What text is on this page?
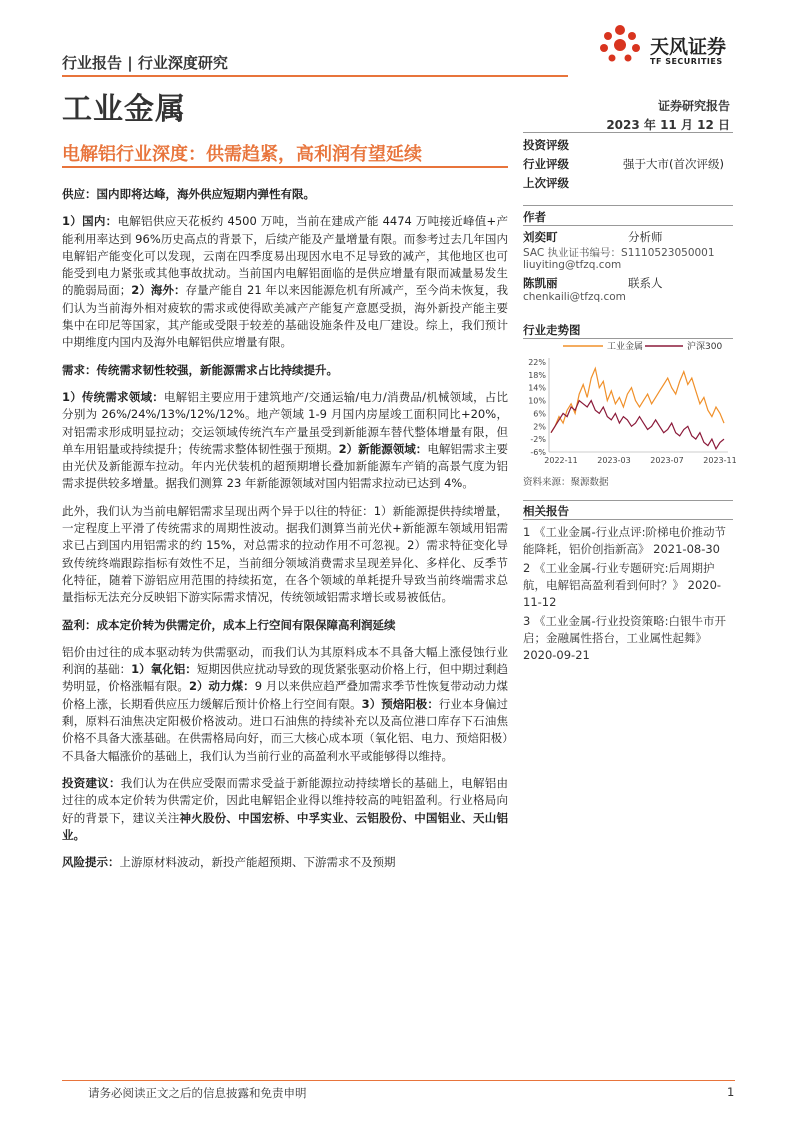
行业报告 | 行业深度研究
工业金属
天风证券
TF SECURITIES
证券研究报告
2023 年 11 月 12 日
电解铝行业深度：供需趋紧，高利润有望延续
供应：国内即将达峰，海外供应短期内弹性有限。

1）国内：电解铝供应天花板约 4500 万吨，当前在建成产能 4474 万吨接近峰值+产能利用率达到 96%历史高点的背景下，后续产能及产量增量有限。而参考过去几年国内电解铝产能变化可以发现，云南在四季度易出现因水电不足导致的减产，其他地区也可能受到电力紧张或其他事故扰动。当前国内电解铝面临的是供应增量有限而减量易发生的脆弱局面；2）海外：存量产能自 21 年以来因能源危机有所减产，至今尚未恢复，我们认为当前海外相对疲软的需求或使得欧美减产产能复产意愿受损，海外新投产能主要集中在印尼等国家，其产能或受限于较差的基础设施条件及电厂建设。综上，我们预计中期维度内国内及海外电解铝供应增量有限。

需求：传统需求韧性较强，新能源需求占比持续提升。

1）传统需求领域：电解铝主要应用于建筑地产/交通运输/电力/消费品/机械领域，占比分别为 26%/24%/13%/12%/12%。地产领域 1-9 月国内房屋竣工面积同比+20%，对铝需求形成明显拉动；交运领域传统汽车产量虽受到新能源车替代整体增量有限，但单车用铝量或持续提升；传统需求整体韧性强于预期。2）新能源领域：电解铝需求主要由光伏及新能源车拉动。年内光伏装机的超预期增长叠加新能源车产销的高景气度为铝需求提供较多增量。据我们测算 23 年新能源领域对国内铝需求拉动已达到 4%。

此外，我们认为当前电解铝需求呈现出两个异于以往的特征：1）新能源提供持续增量，一定程度上平滑了传统需求的周期性波动。据我们测算当前光伏+新能源车领域用铝需求已占到国内用铝需求的约 15%，对总需求的拉动作用不可忽视。2）需求特征变化导致传统终端跟踪指标有效性不足，当前细分领域消费需求呈现差异化、多样化、反季节化特征，随着下游铝应用范围的持续拓宽，在各个领域的单耗提升导致当前终端需求总量指标无法充分反映铝下游实际需求情况，传统领域铝需求增长或易被低估。

盈利：成本定价转为供需定价，成本上行空间有限保障高利润延续

铝价由过往的成本驱动转为供需驱动，而我们认为其原料成本不具备大幅上涨侵蚀行业利润的基础：1）氧化铝：短期因供应扰动导致的现货紧张驱动价格上行，但中期过剩趋势明显，价格涨幅有限。2）动力煤：9 月以来供应趋严叠加需求季节性恢复带动动力煤价格上涨，长期看供应压力缓解后预计价格上行空间有限。3）预焙阳极：行业本身偏过剩，原料石油焦决定阳极价格波动。进口石油焦的持续补充以及高位港口库存下石油焦价格不具备大涨基础。在供需格局向好，而三大核心成本项（氧化铝、电力、预焙阳极）不具备大幅涨价的基础上，我们认为当前行业的高盈利水平或能够得以维持。

投资建议：我们认为在供应受限而需求受益于新能源拉动持续增长的基础上，电解铝由过往的成本定价转为供需定价，因此电解铝企业得以维持较高的吨铝盈利。行业格局向好的背景下，建议关注神火股份、中国宏桥、中孚实业、云铝股份、中国铝业、天山铝业。

风险提示：上游原材料波动，新投产能超预期、下游需求不及预期

投资评级
行业评级	强于大市(首次评级)
上次评级
作者
刘奕町	分析师
SAC 执业证书编号：S1110523050001
liuyiting@tfzq.com
陈凯丽	联系人
chenkaili@tfzq.com
行业走势图
工业金属	沪深300
22%
18%
14%
10%
6%
2%
-2%
-6%
2022-11 2023-03 2023-07 2023-11
资料来源：聚源数据
相关报告
1 《工业金属-行业点评:阶梯电价推动节能降耗，铝价创指新高》 2021-08-30
2 《工业金属-行业专题研究:后周期护航，电解铝高盈利看到何时？》 2020-11-12
3 《工业金属-行业投资策略:白银牛市开启；金融属性搭台，工业属性起舞》2020-09-21
请务必阅读正文之后的信息披露和免责申明	1
